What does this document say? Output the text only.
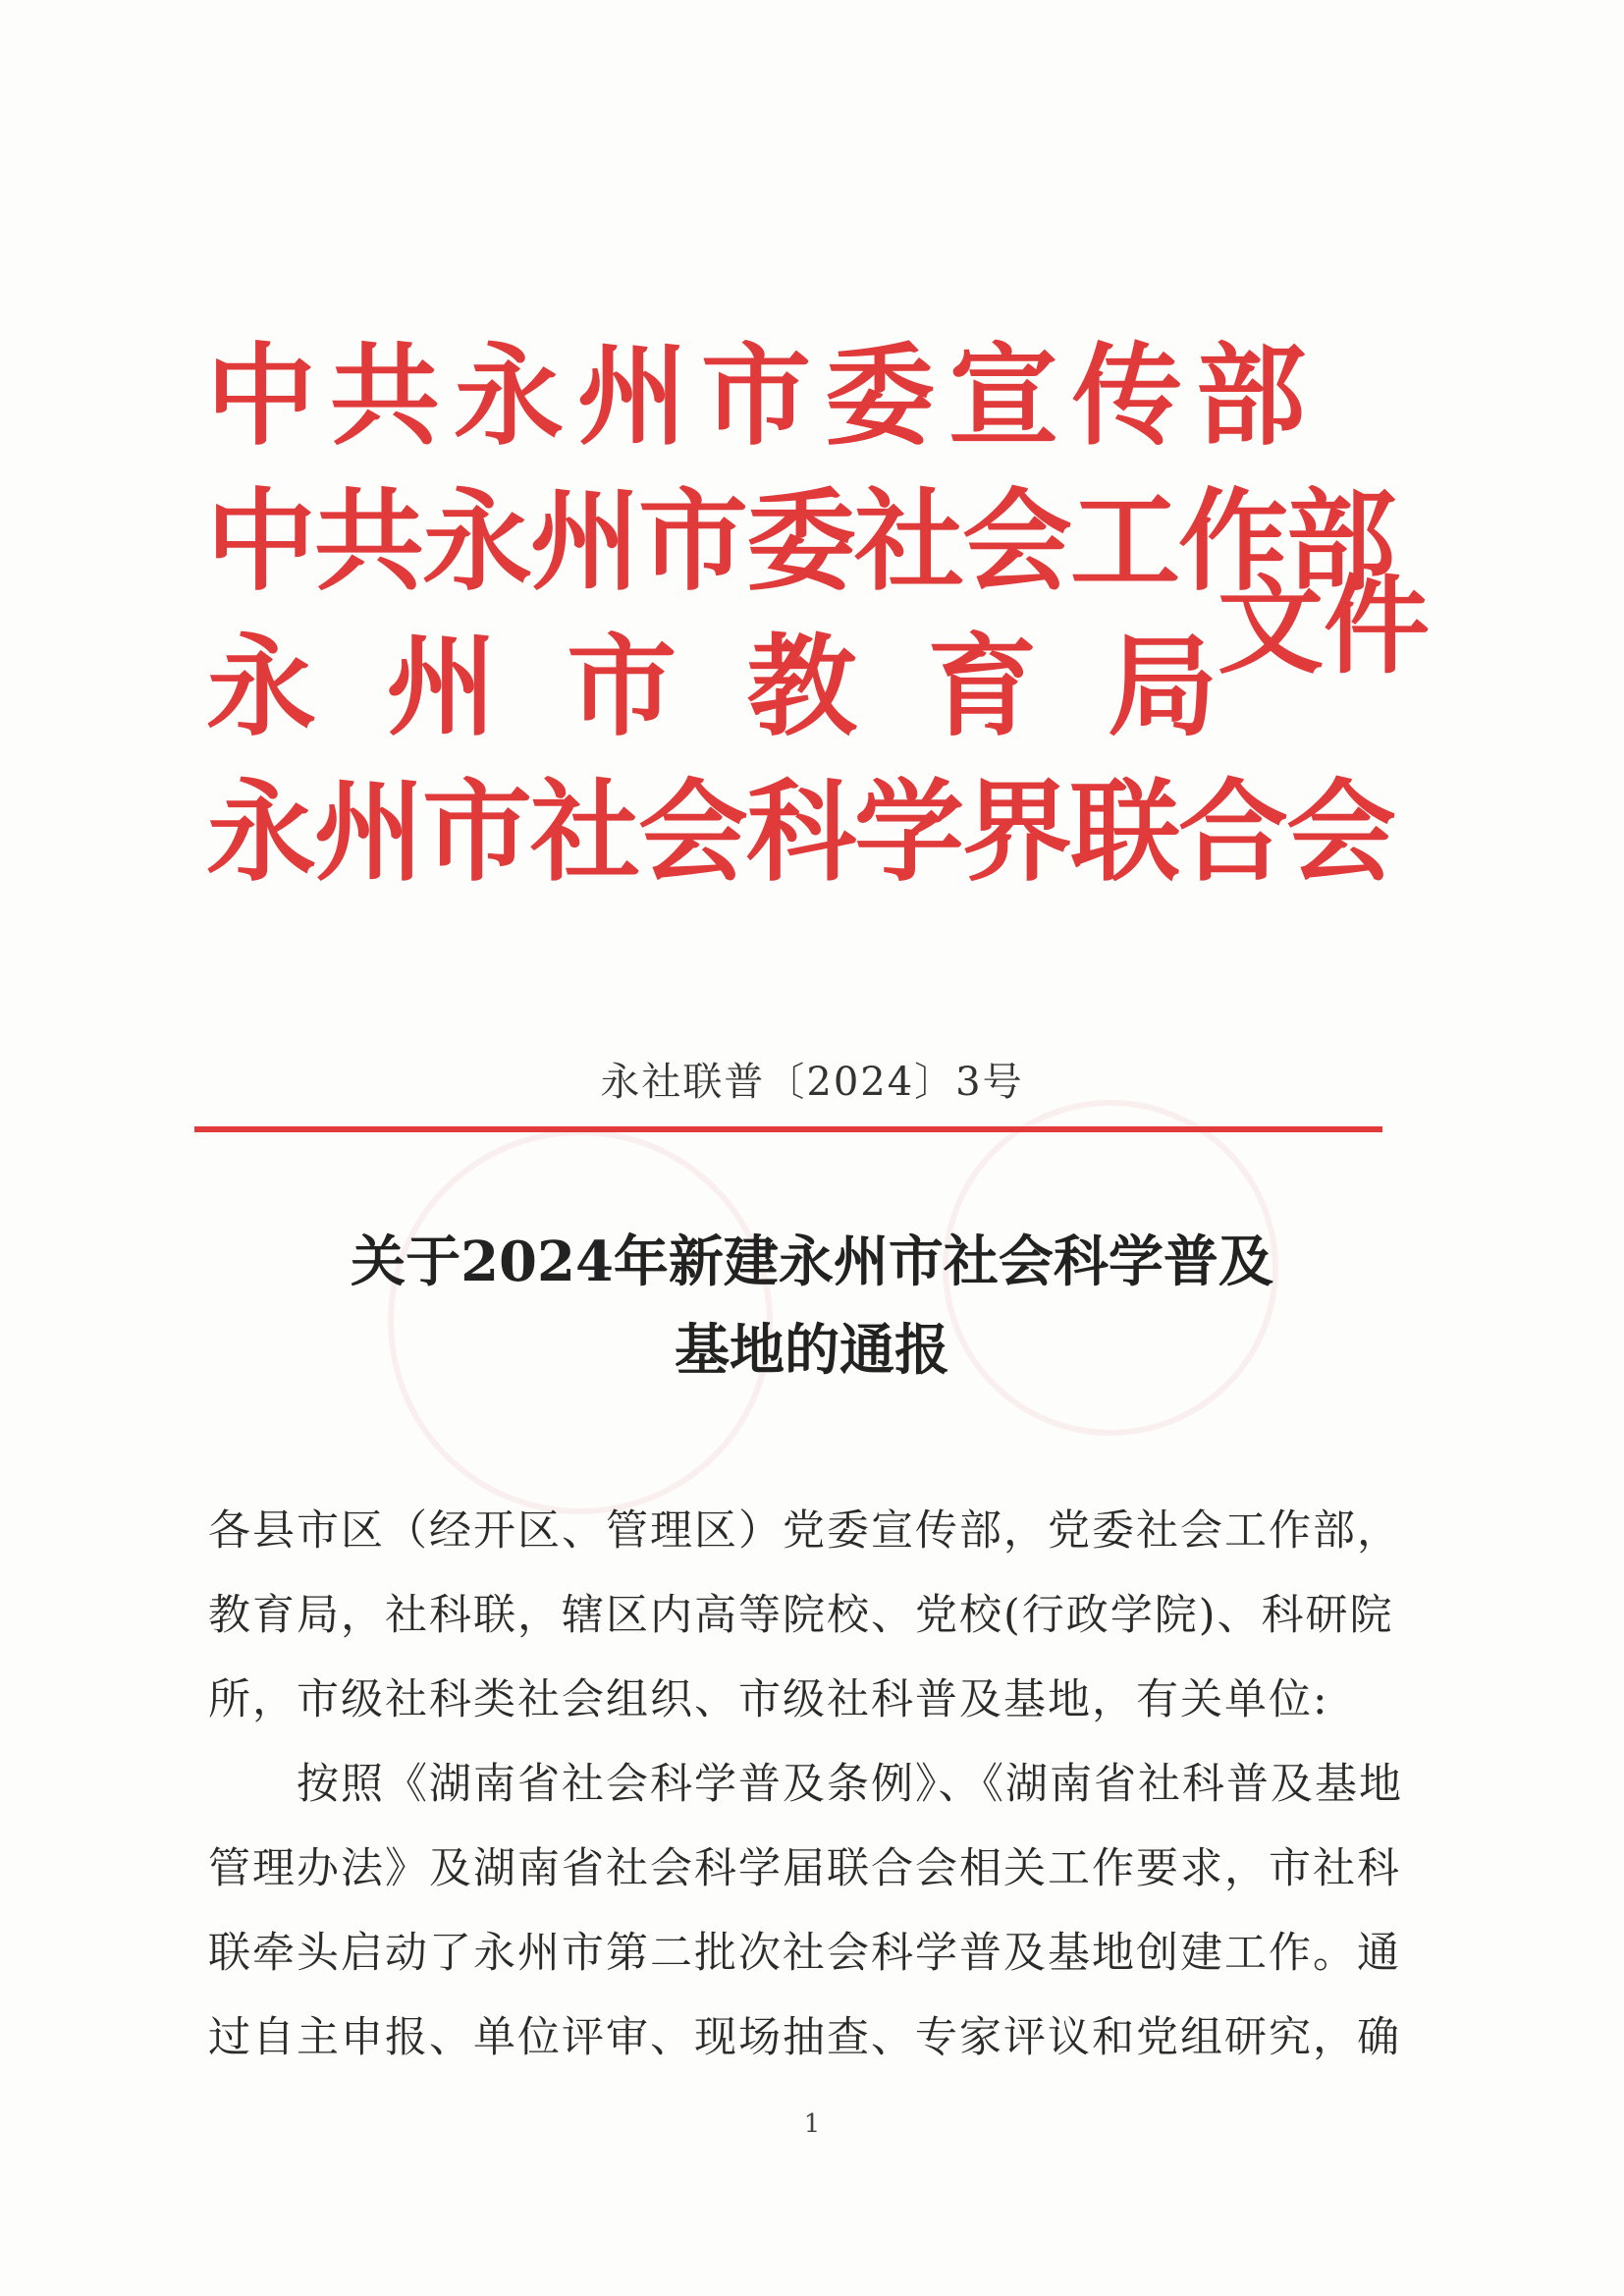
中共永州市委宣传部
中共永州市委社会工作部
永 州 市 教 育 局
永州市社会科学界联合会
文件
永社联普〔2024〕3号
关于2024年新建永州市社会科学普及
基地的通报
各县市区（经开区、管理区）党委宣传部，党委社会工作部，
教育局，社科联，辖区内高等院校、党校(行政学院)、科研院
所，市级社科类社会组织、市级社科普及基地，有关单位:
　　按照《湖南省社会科学普及条例》、《湖南省社科普及基地
管理办法》及湖南省社会科学届联合会相关工作要求，市社科
联牵头启动了永州市第二批次社会科学普及基地创建工作。通
过自主申报、单位评审、现场抽查、专家评议和党组研究，确
1
